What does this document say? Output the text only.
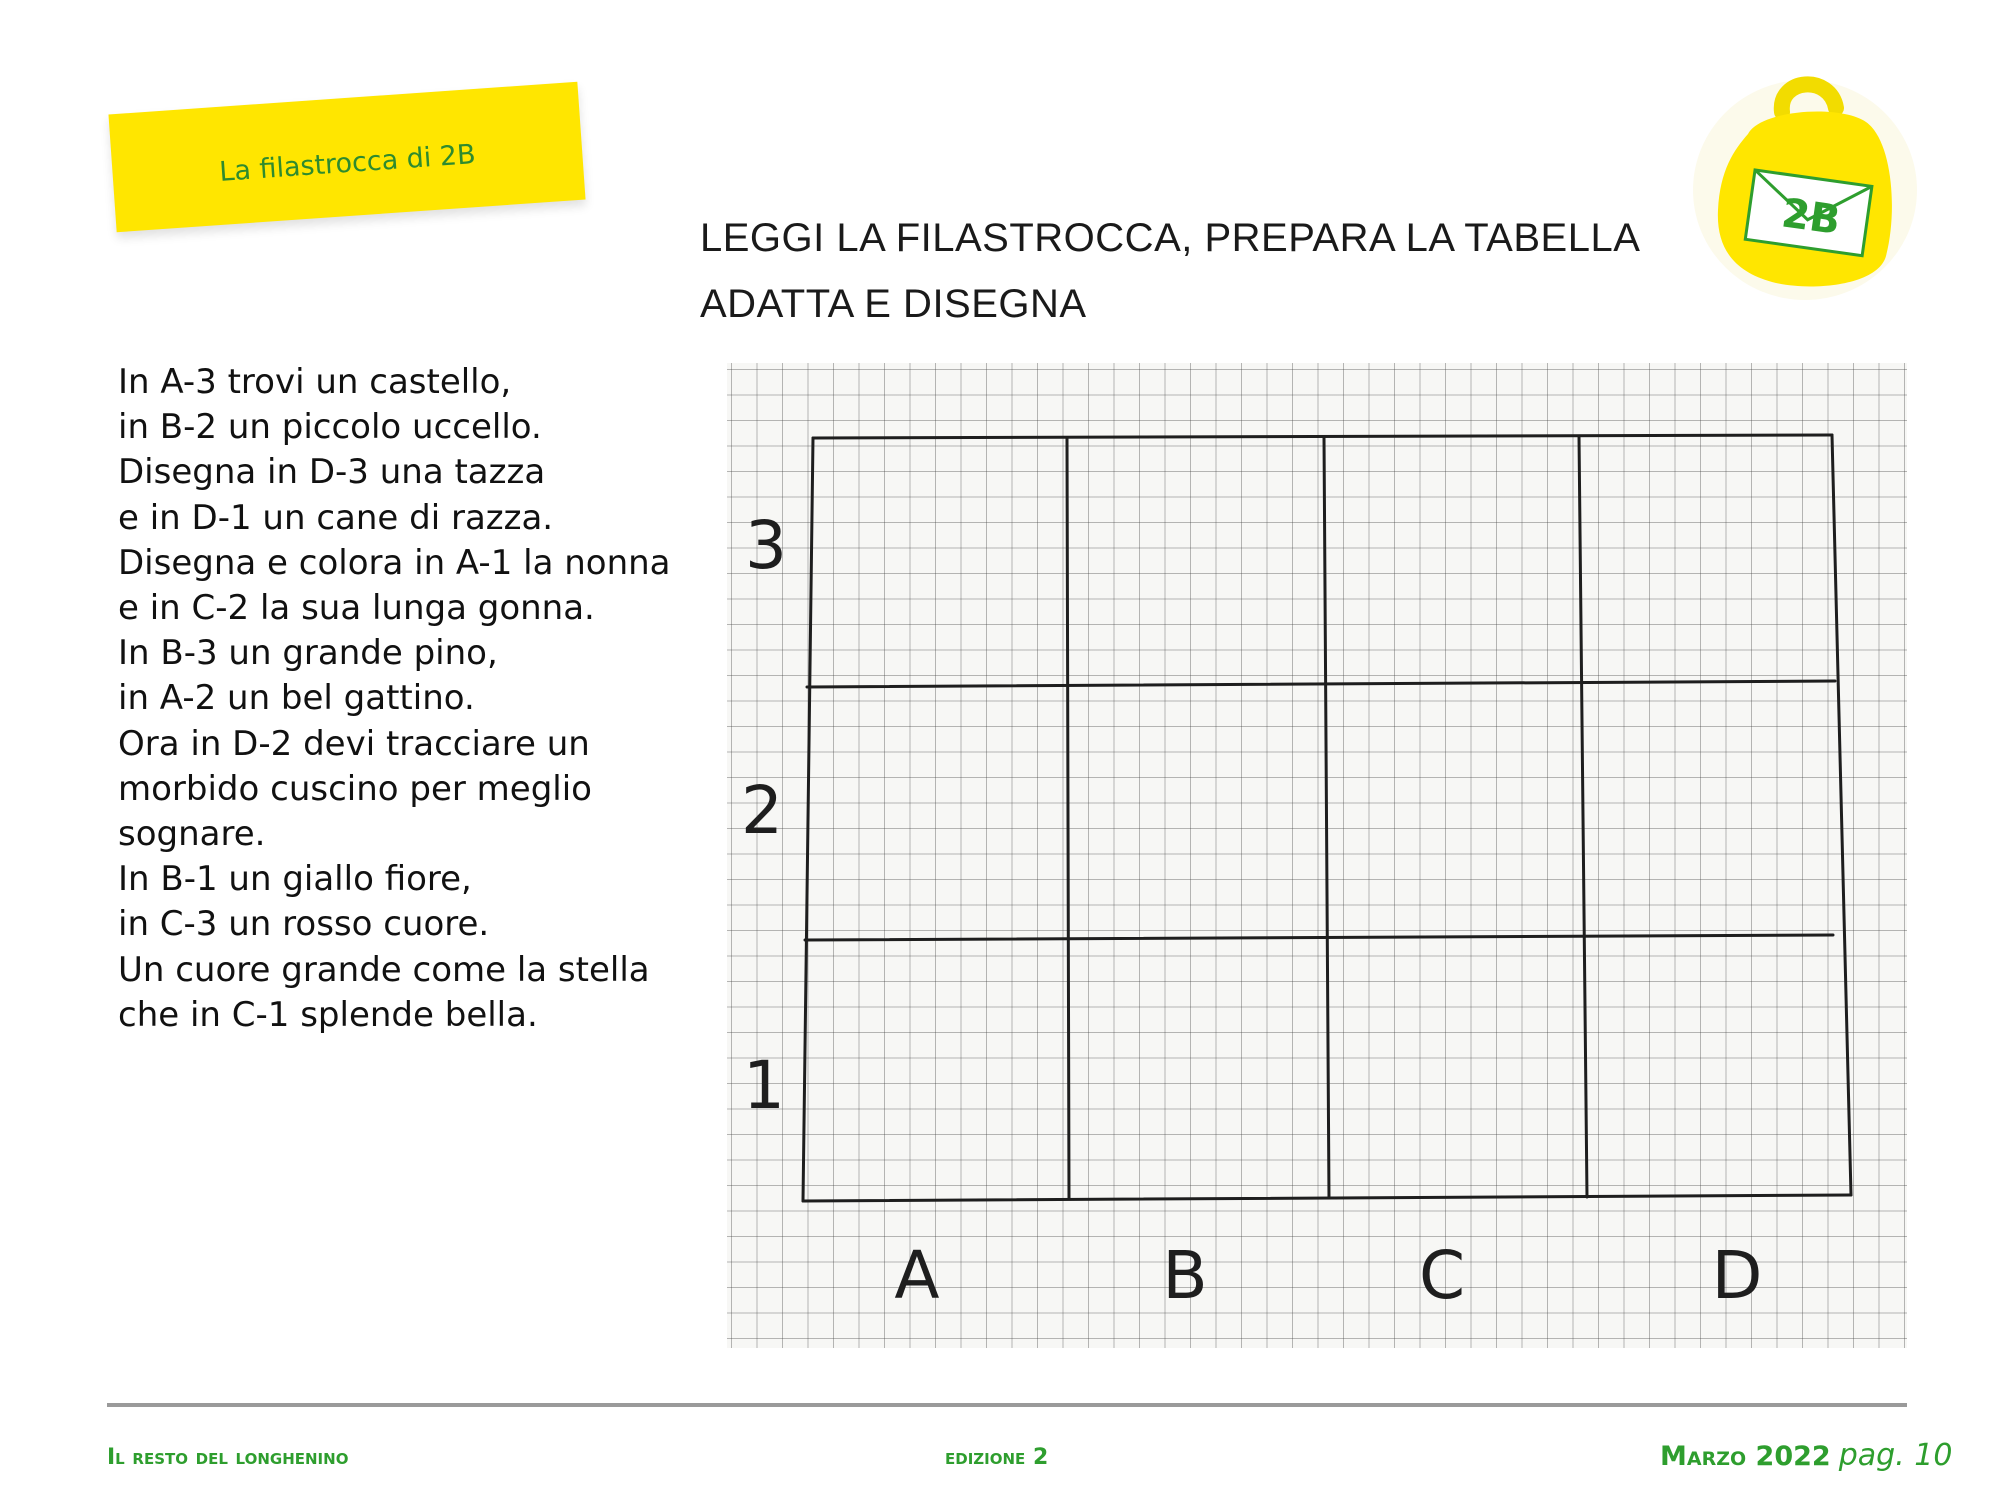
La filastrocca di 2B
LEGGI LA FILASTROCCA, PREPARA LA TABELLA
ADATTA E DISEGNA
2B
In A-3 trovi un castello,
in B-2 un piccolo uccello.
Disegna in D-3 una tazza
e in D-1 un cane di razza.
Disegna e colora in A-1 la nonna
e in C-2 la sua lunga gonna.
In B-3 un grande pino,
in A-2 un bel gattino.
Ora in D-2 devi tracciare un
morbido cuscino per meglio
sognare.
In B-1 un giallo fiore,
in C-3 un rosso cuore.
Un cuore grande come la stella
che in C-1 splende bella.
3
2
1
A	B	C	D
Il resto del longhenino	edizione 2	Marzo 2022 pag. 10
